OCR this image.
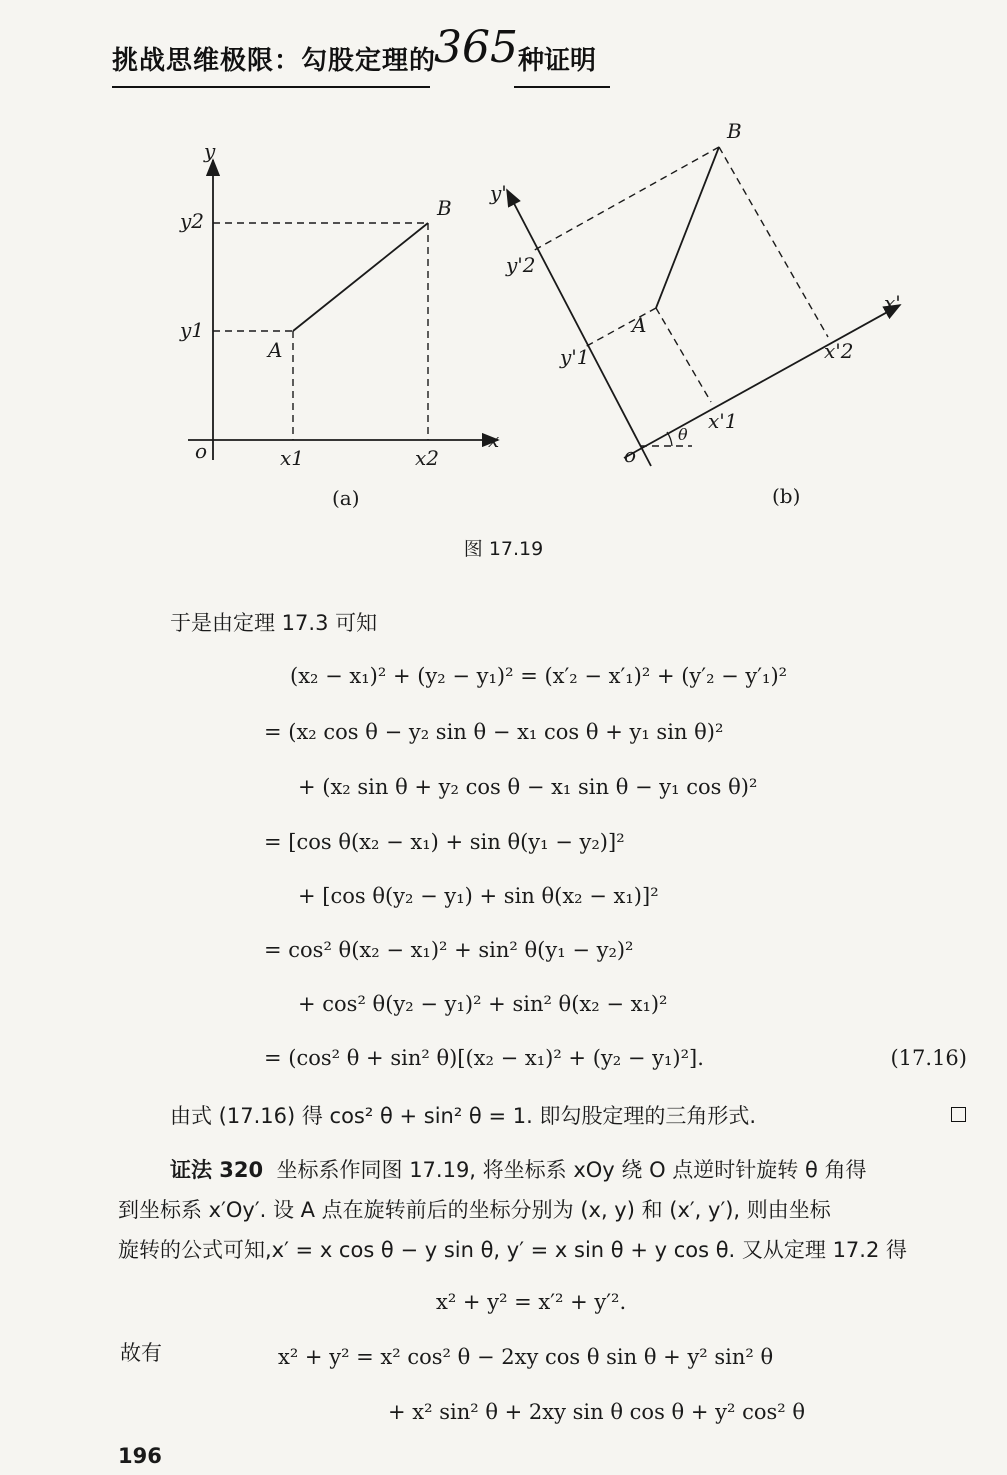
挑战思维极限：勾股定理的
365 种证明
y
x
o
y2
y1
x1	x2
A
B
(a)
y'
x'
o
y'2
y'1
x'1
x'2
A
B
θ
(b)
图 17.19
于是由定理 17.3 可知
(x₂ − x₁)² + (y₂ − y₁)² = (x′₂ − x′₁)² + (y′₂ − y′₁)²
= (x₂ cos θ − y₂ sin θ − x₁ cos θ + y₁ sin θ)²
+ (x₂ sin θ + y₂ cos θ − x₁ sin θ − y₁ cos θ)²
= [cos θ(x₂ − x₁) + sin θ(y₁ − y₂)]²
+ [cos θ(y₂ − y₁) + sin θ(x₂ − x₁)]²
= cos² θ(x₂ − x₁)² + sin² θ(y₁ − y₂)²
+ cos² θ(y₂ − y₁)² + sin² θ(x₂ − x₁)²
= (cos² θ + sin² θ)[(x₂ − x₁)² + (y₂ − y₁)²].	(17.16)
由式 (17.16) 得 cos² θ + sin² θ = 1. 即勾股定理的三角形式.
证法 320 坐标系作同图 17.19, 将坐标系 xOy 绕 O 点逆时针旋转 θ 角得
到坐标系 x′Oy′. 设 A 点在旋转前后的坐标分别为 (x, y) 和 (x′, y′), 则由坐标
旋转的公式可知,x′ = x cos θ − y sin θ, y′ = x sin θ + y cos θ. 又从定理 17.2 得
x² + y² = x′² + y′².
故有	x² + y² = x² cos² θ − 2xy cos θ sin θ + y² sin² θ
+ x² sin² θ + 2xy sin θ cos θ + y² cos² θ
196
